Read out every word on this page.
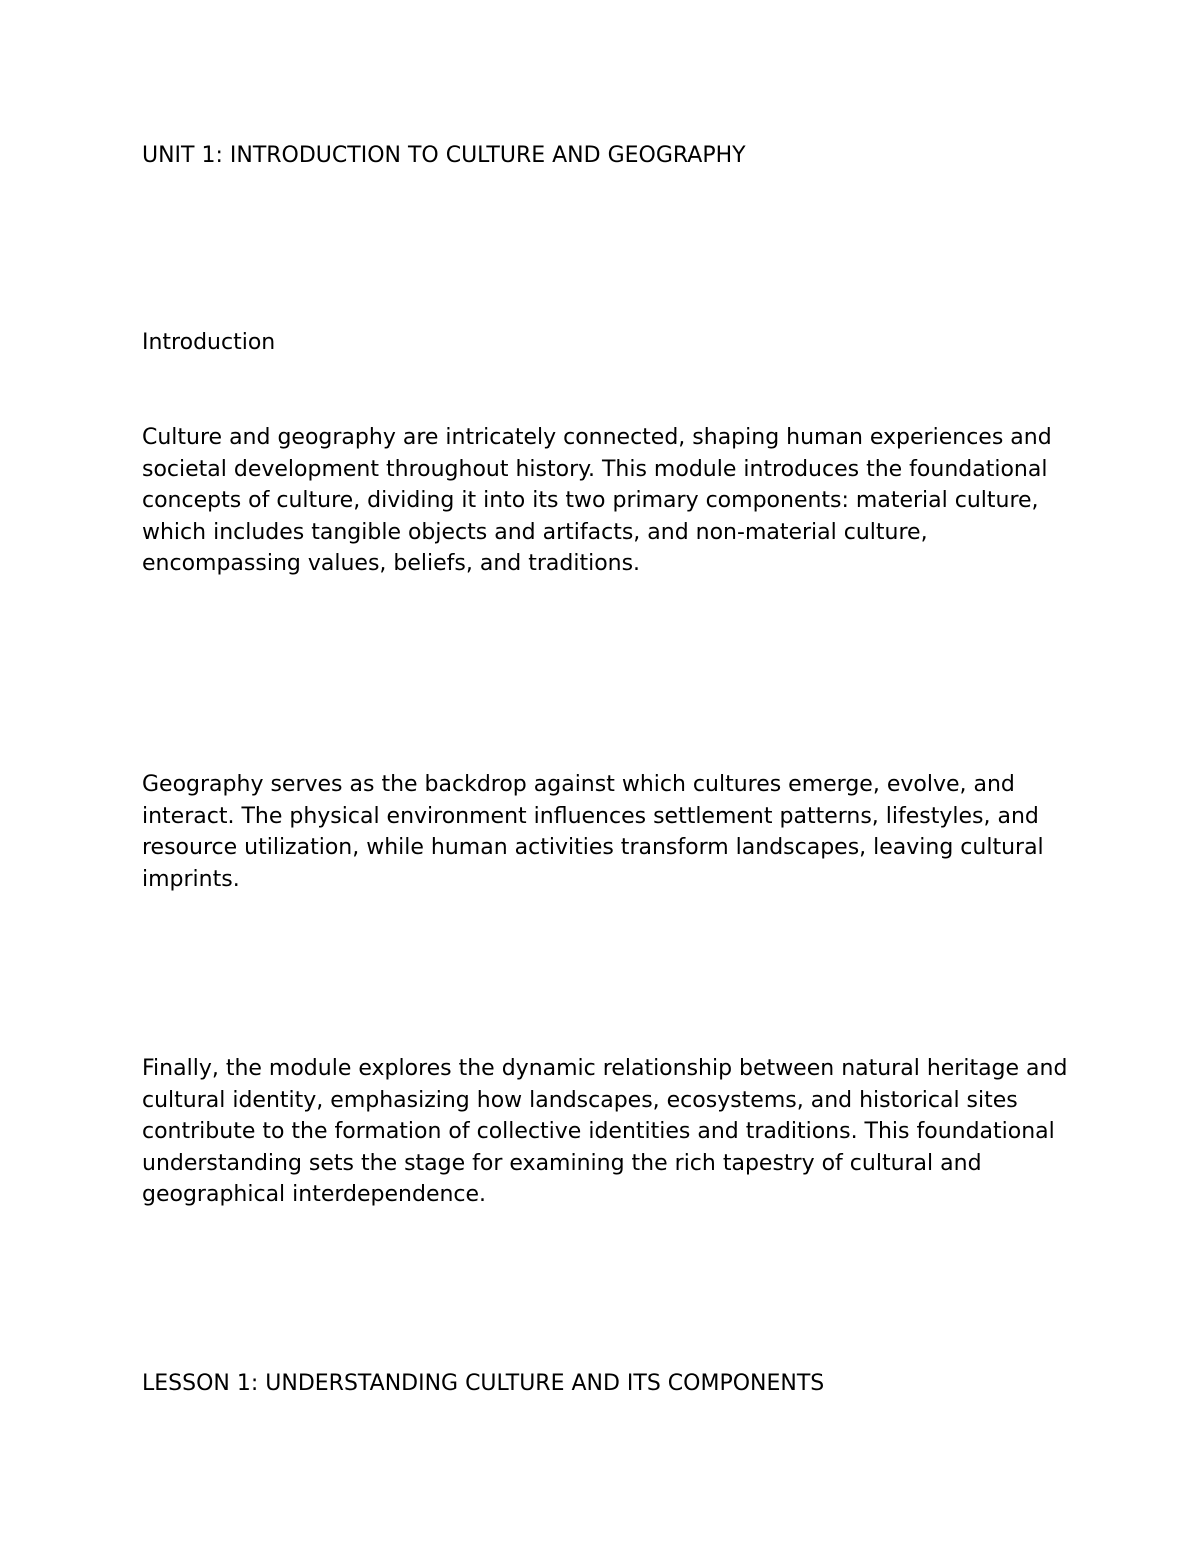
UNIT 1: INTRODUCTION TO CULTURE AND GEOGRAPHY

Introduction

Culture and geography are intricately connected, shaping human experiences and societal development throughout history. This module introduces the foundational concepts of culture, dividing it into its two primary components: material culture, which includes tangible objects and artifacts, and non-material culture, encompassing values, beliefs, and traditions.

Geography serves as the backdrop against which cultures emerge, evolve, and interact. The physical environment influences settlement patterns, lifestyles, and resource utilization, while human activities transform landscapes, leaving cultural imprints.

Finally, the module explores the dynamic relationship between natural heritage and cultural identity, emphasizing how landscapes, ecosystems, and historical sites contribute to the formation of collective identities and traditions. This foundational understanding sets the stage for examining the rich tapestry of cultural and geographical interdependence.

LESSON 1: UNDERSTANDING CULTURE AND ITS COMPONENTS
